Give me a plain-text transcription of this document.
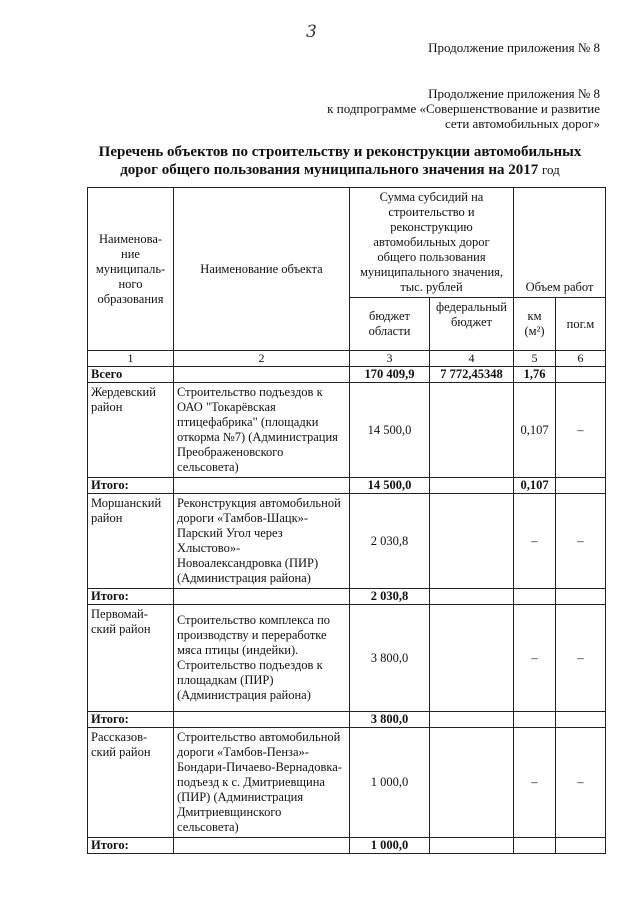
3
Продолжение приложения № 8
Продолжение приложения № 8
к подпрограмме «Совершенствование и развитие
сети автомобильных дорог»
Перечень объектов по строительству и реконструкции автомобильных
дорог общего пользования муниципального значения на 2017 год
Наименова-ние муниципаль-ного образования	Наименование объекта	Сумма субсидий на строительство и реконструкцию автомобильных дорог общего пользования муниципального значения, тыс. рублей		Объем работ	
		бюджет области	федеральный бюджет	км (м²)	пог.м
1	2	3	4	5	6
Всего		170 409,9	7 772,45348	1,76	
Жердевский район	Строительство подъездов к ОАО "Токарёвская птицефабрика" (площадки откорма №7) (Администрация Преображеновского сельсовета)	14 500,0		0,107	–
Итого:		14 500,0		0,107	
Моршанский район	Реконструкция автомобильной дороги «Тамбов-Шацк»- Парский Угол через Хлыстово»- Новоалександровка (ПИР) (Администрация района)	2 030,8		–	–
Итого:		2 030,8			
Первомай-ский район	Строительство комплекса по производству и переработке мяса птицы (индейки). Строительство подъездов к площадкам (ПИР) (Администрация района)	3 800,0		–	–
Итого:		3 800,0			
Рассказов-ский район	Строительство автомобильной дороги «Тамбов-Пенза»- Бондари-Пичаево-Вернадовка- подъезд к с. Дмитриевщина (ПИР) (Администрация Дмитриевщинского сельсовета)	1 000,0		–	–
Итого:		1 000,0			
